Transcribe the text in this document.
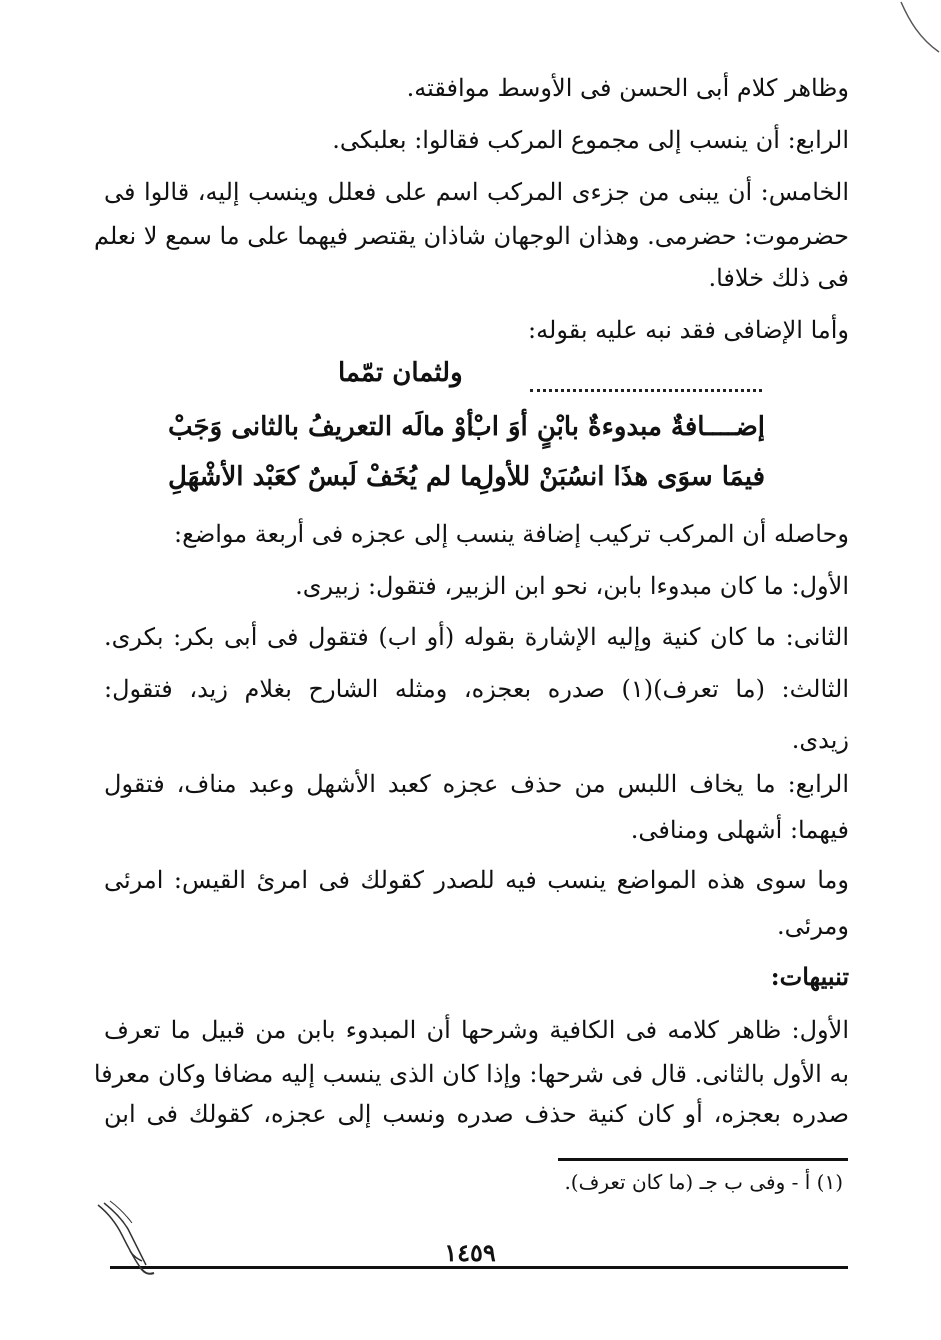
وظاهر كلام أبى الحسن فى الأوسط موافقته.
الرابع: أن ينسب إلى مجموع المركب فقالوا: بعلبكى.
الخامس: أن يبنى من جزءى المركب اسم على فعلل وينسب إليه، قالوا فى
حضرموت: حضرمى. وهذان الوجهان شاذان يقتصر فيهما على ما سمع لا نعلم
فى ذلك خلافا.
وأما الإضافى فقد نبه عليه بقوله:
ولثمان تمّما
إضــــافةٌ مبدوءةٌ بابْنٍ أوَ ابْ
أوْ مالَه التعريفُ بالثانى وَجَبْ
فيمَا سوَى هذَا انسُبَنْ للأولِ
ما لم يُخَفْ لَبسٌ كعَبْد الأشْهَلِ
وحاصله أن المركب تركيب إضافة ينسب إلى عجزه فى أربعة مواضع:
الأول: ما كان مبدوءا بابن، نحو ابن الزبير، فتقول: زبيرى.
الثانى: ما كان كنية وإليه الإشارة بقوله (أو اب) فتقول فى أبى بكر: بكرى.
الثالث: (ما تعرف)(١) صدره بعجزه، ومثله الشارح بغلام زيد، فتقول:
زيدى.
الرابع: ما يخاف اللبس من حذف عجزه كعبد الأشهل وعبد مناف، فتقول
فيهما: أشهلى ومنافى.
وما سوى هذه المواضع ينسب فيه للصدر كقولك فى امرئ القيس: امرئى
ومرئى.
تنبيهات:
الأول: ظاهر كلامه فى الكافية وشرحها أن المبدوء بابن من قبيل ما تعرف
به الأول بالثانى. قال فى شرحها: وإذا كان الذى ينسب إليه مضافا وكان معرفا
صدره بعجزه، أو كان كنية حذف صدره ونسب إلى عجزه، كقولك فى ابن
(١) أ - وفى ب جـ (ما كان تعرف).
١٤٥٩
